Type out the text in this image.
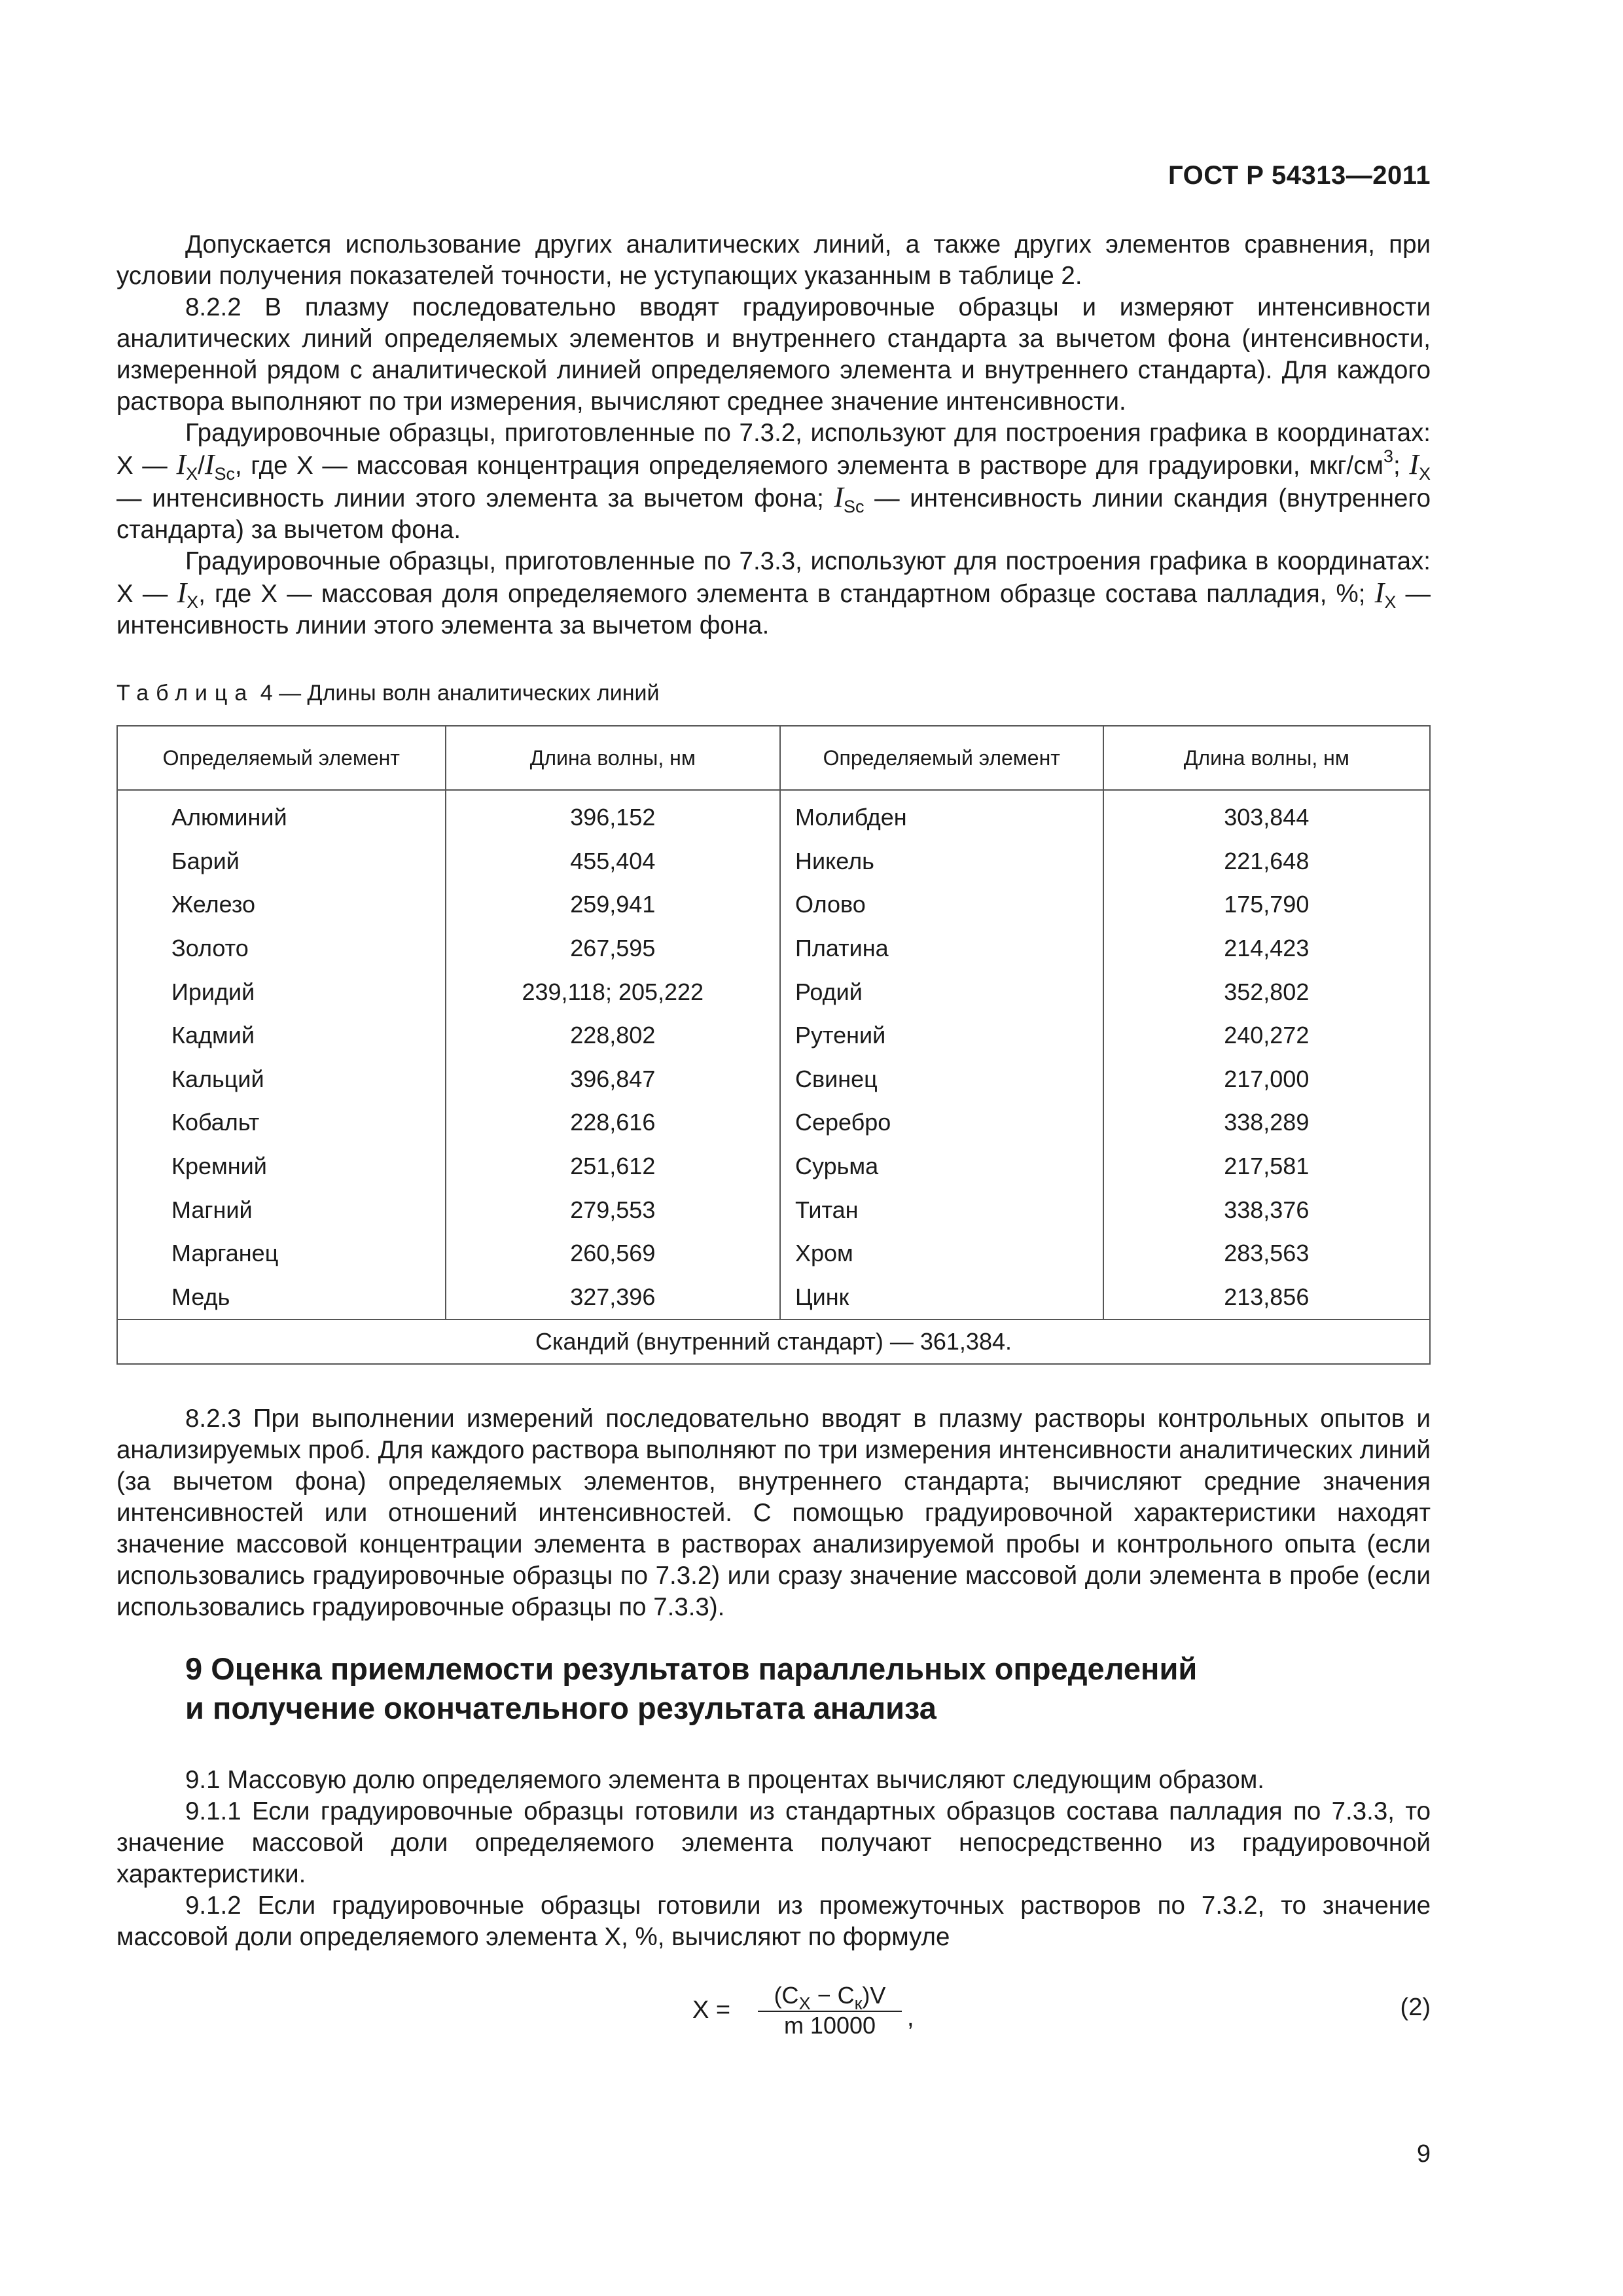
ГОСТ Р 54313—2011

Допускается использование других аналитических линий, а также других элементов сравнения, при условии получения показателей точности, не уступающих указанным в таблице 2.

8.2.2 В плазму последовательно вводят градуировочные образцы и измеряют интенсивности аналитических линий определяемых элементов и внутреннего стандарта за вычетом фона (интенсивности, измеренной рядом с аналитической линией определяемого элемента и внутреннего стандарта). Для каждого раствора выполняют по три измерения, вычисляют среднее значение интенсивности.

Градуировочные образцы, приготовленные по 7.3.2, используют для построения графика в координатах: X — $I_X/I_{Sc}$, где X — массовая концентрация определяемого элемента в растворе для градуировки, мкг/$см^3$; $I_X$ — интенсивность линии этого элемента за вычетом фона; $I_{Sc}$ — интенсивность линии скандия (внутреннего стандарта) за вычетом фона.

Градуировочные образцы, приготовленные по 7.3.3, используют для построения графика в координатах: X — $I_X$, где X — массовая доля определяемого элемента в стандартном образце состава палладия, %; $I_X$ — интенсивность линии этого элемента за вычетом фона.

Таблица 4 — Длины волн аналитических линий
Определяемый элемент	Длина волны, нм	Определяемый элемент	Длина волны, нм
Алюминий	396,152	Молибден	303,844
Барий	455,404	Никель	221,648
Железо	259,941	Олово	175,790
Золото	267,595	Платина	214,423
Иридий	239,118; 205,222	Родий	352,802
Кадмий	228,802	Рутений	240,272
Кальций	396,847	Свинец	217,000
Кобальт	228,616	Серебро	338,289
Кремний	251,612	Сурьма	217,581
Магний	279,553	Титан	338,376
Марганец	260,569	Хром	283,563
Медь	327,396	Цинк	213,856
Скандий (внутренний стандарт) — 361,384.			

8.2.3 При выполнении измерений последовательно вводят в плазму растворы контрольных опытов и анализируемых проб. Для каждого раствора выполняют по три измерения интенсивности аналитических линий (за вычетом фона) определяемых элементов, внутреннего стандарта; вычисляют средние значения интенсивностей или отношений интенсивностей. С помощью градуировочной характеристики находят значение массовой концентрации элемента в растворах анализируемой пробы и контрольного опыта (если использовались градуировочные образцы по 7.3.2) или сразу значение массовой доли элемента в пробе (если использовались градуировочные образцы по 7.3.3).

9 Оценка приемлемости результатов параллельных определений
и получение окончательного результата анализа

9.1 Массовую долю определяемого элемента в процентах вычисляют следующим образом.

9.1.1 Если градуировочные образцы готовили из стандартных образцов состава палладия по 7.3.3, то значение массовой доли определяемого элемента получают непосредственно из градуировочной характеристики.

9.1.2 Если градуировочные образцы готовили из промежуточных растворов по 7.3.2, то значение массовой доли определяемого элемента X, %, вычисляют по формуле

X =
$(C_X - C_к)V$
m 10000	,	(2)
9
